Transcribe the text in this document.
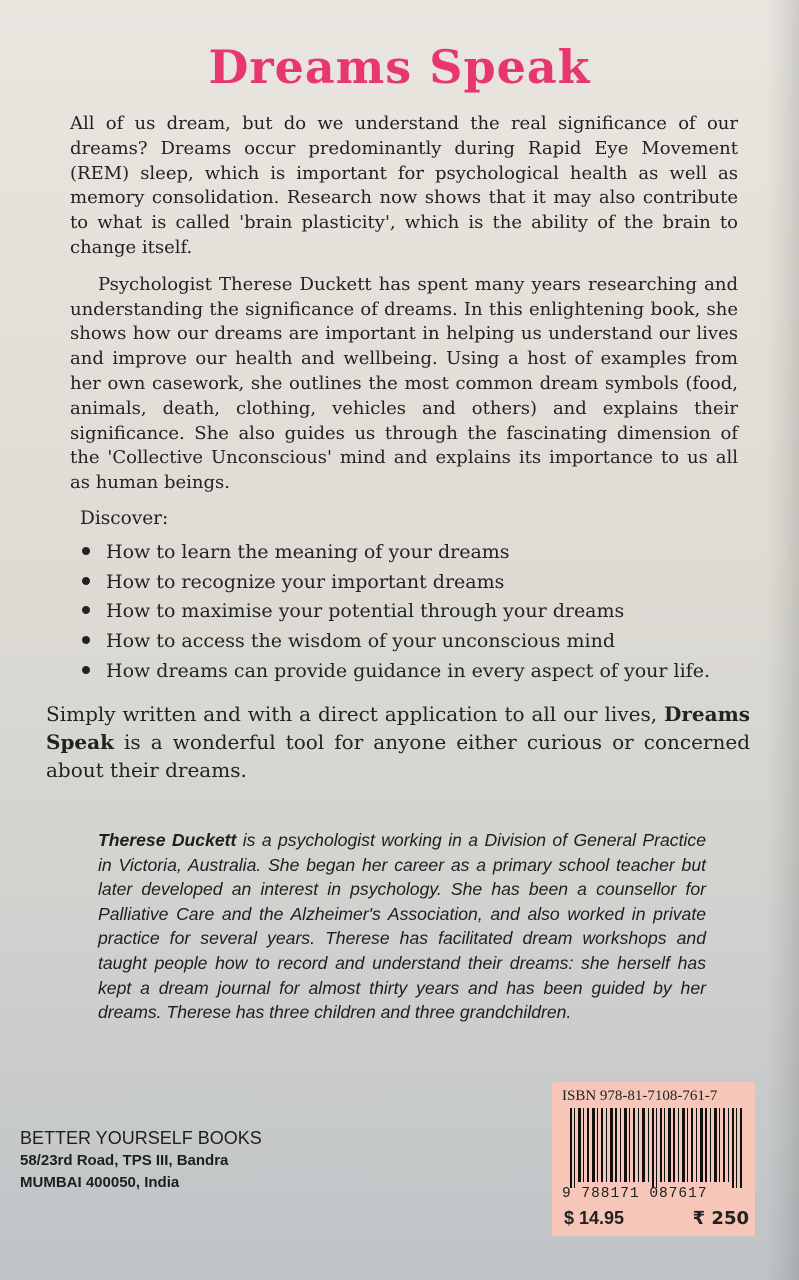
Dreams Speak

All of us dream, but do we understand the real significance of our dreams? Dreams occur predominantly during Rapid Eye Movement (REM) sleep, which is important for psychological health as well as memory consolidation. Research now shows that it may also contribute to what is called 'brain plasticity', which is the ability of the brain to change itself.

Psychologist Therese Duckett has spent many years researching and understanding the significance of dreams. In this enlightening book, she shows how our dreams are important in helping us understand our lives and improve our health and wellbeing. Using a host of examples from her own casework, she outlines the most common dream symbols (food, animals, death, clothing, vehicles and others) and explains their significance. She also guides us through the fascinating dimension of the 'Collective Unconscious' mind and explains its importance to us all as human beings.

Discover:
How to learn the meaning of your dreams
How to recognize your important dreams
How to maximise your potential through your dreams
How to access the wisdom of your unconscious mind
How dreams can provide guidance in every aspect of your life.
Simply written and with a direct application to all our lives, Dreams Speak is a wonderful tool for anyone either curious or concerned about their dreams.
Therese Duckett is a psychologist working in a Division of General Practice in Victoria, Australia. She began her career as a primary school teacher but later developed an interest in psychology. She has been a counsellor for Palliative Care and the Alzheimer's Association, and also worked in private practice for several years. Therese has facilitated dream workshops and taught people how to record and understand their dreams: she herself has kept a dream journal for almost thirty years and has been guided by her dreams. Therese has three children and three grandchildren.
BETTER YOURSELF BOOKS
58/23rd Road, TPS III, Bandra
MUMBAI 400050, India
ISBN 978-81-7108-761-7
9 788171 087617
$ 14.95	₹ 250
